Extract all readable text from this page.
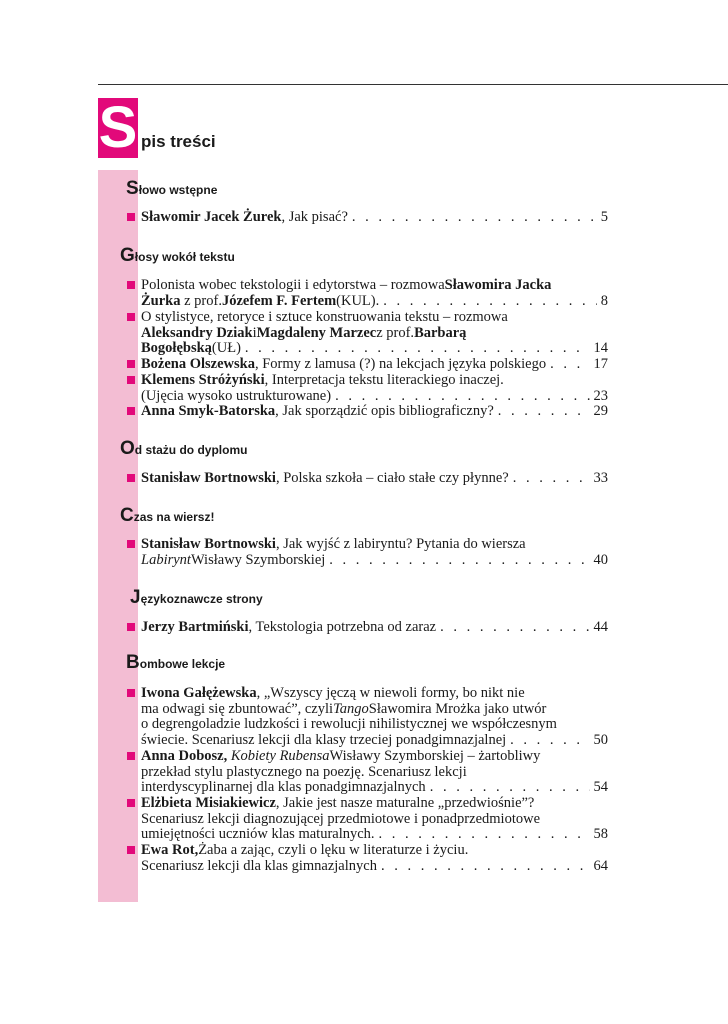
S pis treści
Słowo wstępne
Głosy wokół tekstu
Od stażu do dyplomu
Czas na wiersz!
Językoznawcze strony
Bombowe lekcje
Sławomir Jacek Żurek , Jak pisać? . . .	5
Polonista wobec tekstologii i edytorstwa – rozmowa Sławomira Jacka
Żurka
z prof. Józefem F. Fertem (KUL). . . .	8
O stylistyce, retoryce i sztuce konstruowania tekstu – rozmowa
Aleksandry Dziak i Magdaleny Marzec z prof. Barbarą
Bogołębską (UŁ) . . .	14
Bożena Olszewska , Formy z lamusa (?) na lekcjach języka polskiego . . .	17
Klemens Stróżyński , Interpretacja tekstu literackiego inaczej.
(Ujęcia wysoko ustrukturowane) . . .	23
Anna Smyk-Batorska , Jak sporządzić opis bibliograficzny? . . .	29
Stanisław Bortnowski , Polska szkoła – ciało stałe czy płynne? . . .	33
Stanisław Bortnowski , Jak wyjść z labiryntu? Pytania do wiersza
Labirynt Wisławy Szymborskiej . . .	40
Jerzy Bartmiński , Tekstologia potrzebna od zaraz . . .	44
Iwona Gałężewska , „Wszyscy jęczą w niewoli formy, bo nikt nie
ma odwagi się zbuntować”, czyli Tango Sławomira Mrożka jako utwór
o degrengoladzie ludzkości i rewolucji nihilistycznej we współczesnym
świecie. Scenariusz lekcji dla klasy trzeciej ponadgimnazjalnej . . .	50
Anna Dobosz,
Kobiety Rubensa Wisławy Szymborskiej – żartobliwy
przekład stylu plastycznego na poezję. Scenariusz lekcji
interdyscyplinarnej dla klas ponadgimnazjalnych . . .	54
Elżbieta Misiakiewicz , Jakie jest nasze maturalne „przedwiośnie”?
Scenariusz lekcji diagnozującej przedmiotowe i ponadprzedmiotowe
umiejętności uczniów klas maturalnych. . . .	58
Ewa Rot, Żaba a zając, czyli o lęku w literaturze i życiu.
Scenariusz lekcji dla klas gimnazjalnych . . .	64
